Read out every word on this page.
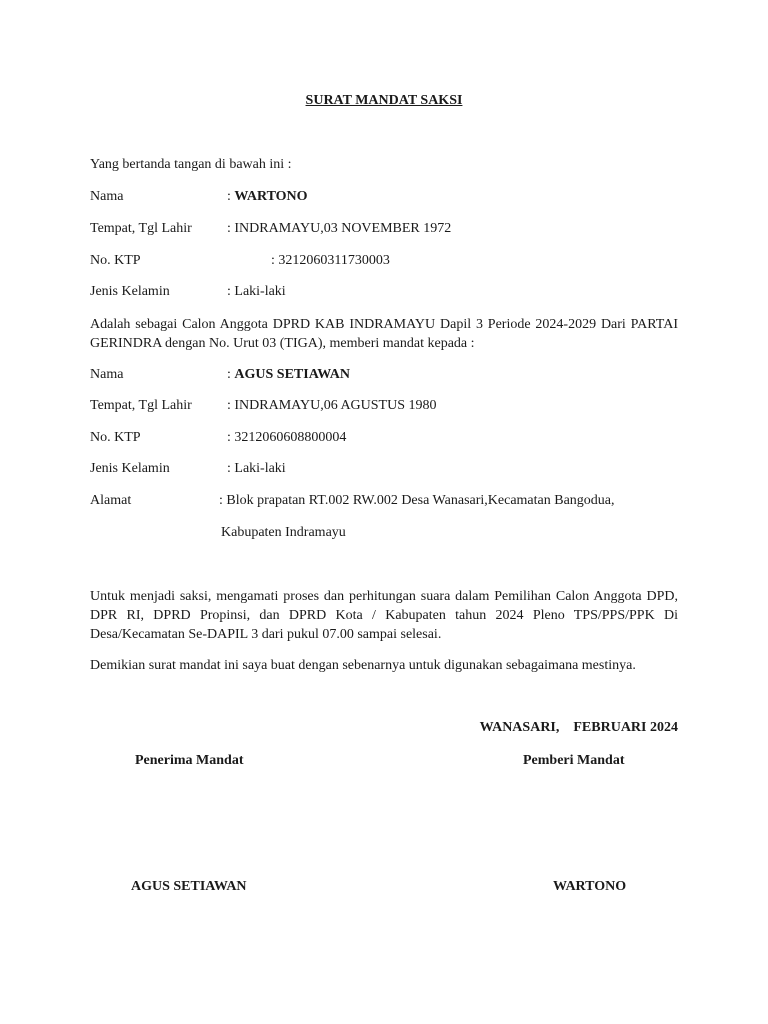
SURAT MANDAT SAKSI
Yang bertanda tangan di bawah ini :
Nama	: WARTONO
Tempat, Tgl Lahir	: INDRAMAYU,03 NOVEMBER 1972
No. KTP	: 3212060311730003
Jenis Kelamin	: Laki-laki
Adalah sebagai Calon Anggota DPRD KAB INDRAMAYU Dapil 3 Periode 2024-2029 Dari PARTAI GERINDRA dengan No. Urut 03 (TIGA), memberi mandat kepada :
Nama	: AGUS SETIAWAN
Tempat, Tgl Lahir	: INDRAMAYU,06 AGUSTUS 1980
No. KTP	: 3212060608800004
Jenis Kelamin	: Laki-laki
Alamat	: Blok prapatan RT.002 RW.002 Desa Wanasari,Kecamatan Bangodua,
Kabupaten Indramayu
Untuk menjadi saksi, mengamati proses dan perhitungan suara dalam Pemilihan Calon Anggota DPD, DPR RI, DPRD Propinsi, dan DPRD Kota / Kabupaten tahun 2024 Pleno TPS/PPS/PPK Di Desa/Kecamatan Se-DAPIL 3 dari pukul 07.00 sampai selesai.
Demikian surat mandat ini saya buat dengan sebenarnya untuk digunakan sebagaimana mestinya.
WANASARI,    FEBRUARI 2024
Penerima Mandat	Pemberi Mandat
AGUS SETIAWAN	WARTONO
